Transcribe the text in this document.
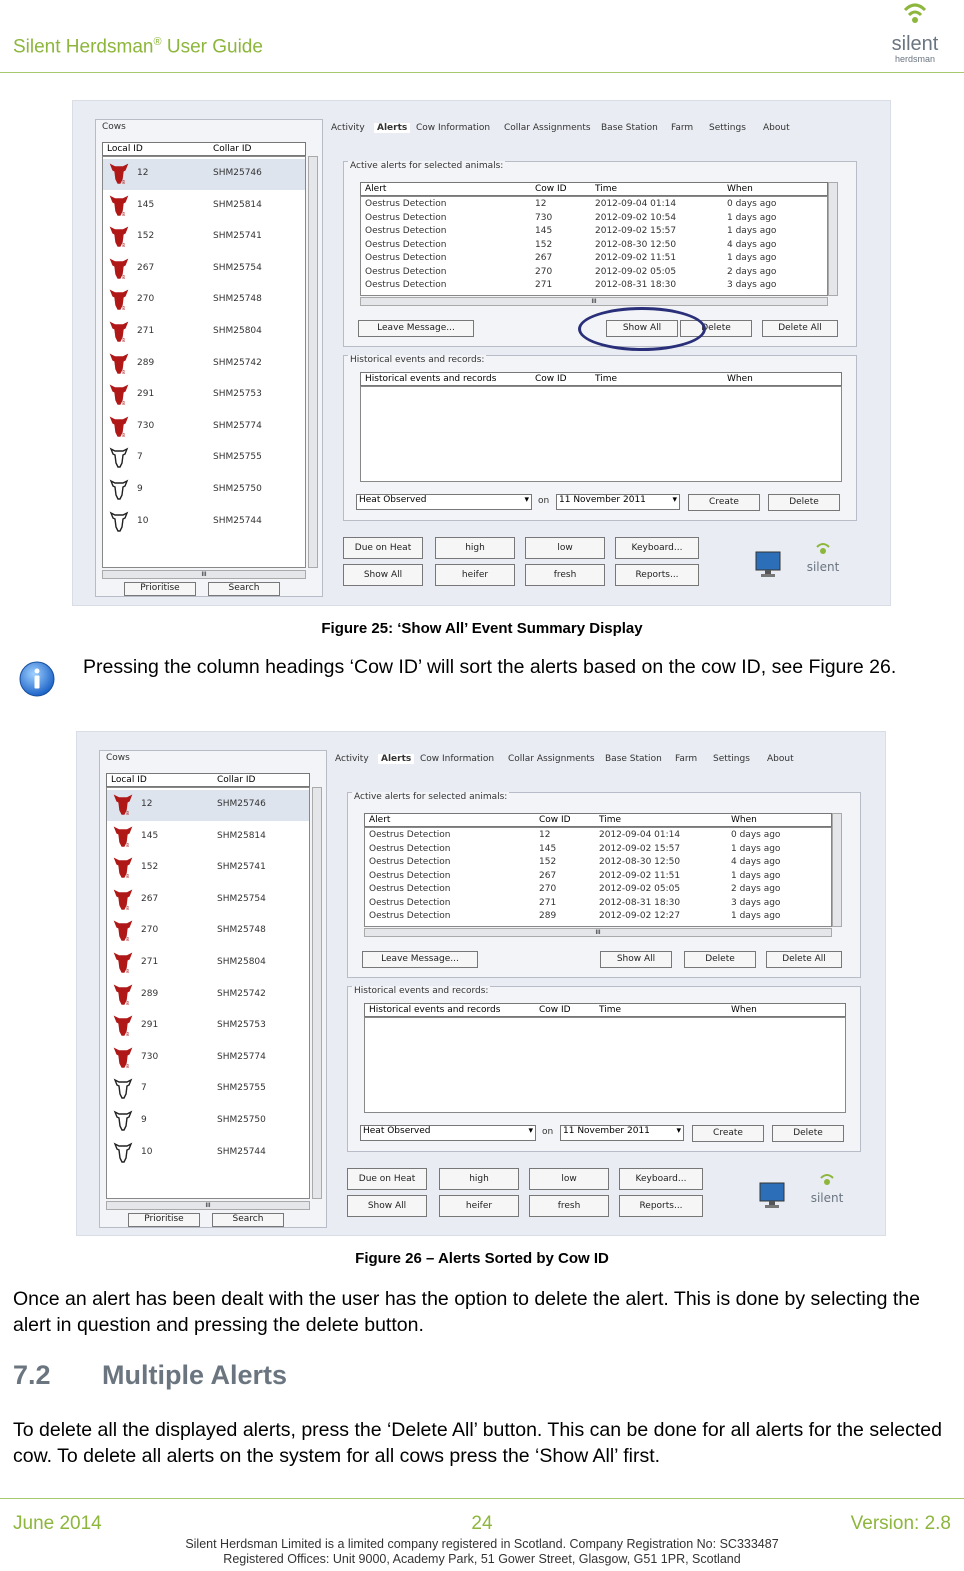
Silent Herdsman® User Guide	silent
herdsman
Cows
Local ID	Collar ID
ʬ
12	SHM25746
ʬ
145	SHM25814
ʬ
152	SHM25741
ʬ
267	SHM25754
ʬ
270	SHM25748
ʬ
271	SHM25804
ʬ
289	SHM25742
ʬ
291	SHM25753
ʬ
730	SHM25774
7	SHM25755
9	SHM25750
10	SHM25744
III
Prioritise	Search
Activity	Alerts Cow Information Collar Assignments Base Station Farm Settings About
Active alerts for selected animals:
Alert	Cow ID	Time	When
Oestrus Detection	12	2012-09-04 01:14	0 days ago
Oestrus Detection	730	2012-09-02 10:54	1 days ago
Oestrus Detection	145	2012-09-02 15:57	1 days ago
Oestrus Detection	152	2012-08-30 12:50	4 days ago
Oestrus Detection	267	2012-09-02 11:51	1 days ago
Oestrus Detection	270	2012-09-02 05:05	2 days ago
Oestrus Detection	271	2012-08-31 18:30	3 days ago
III
Leave Message...	Show All	Delete	Delete All
Historical events and records:
Historical events and records	Cow ID	Time	When
Heat Observed	▾ on	11 November 2011	▾	Create	Delete
Due on Heat	high	low	Keyboard...
Show All	heifer	fresh	Reports...
silent
Figure 25: ‘Show All’ Event Summary Display
Pressing the column headings ‘Cow ID’ will sort the alerts based on the cow ID, see Figure 26.
Cows
Local ID	Collar ID
ʬ
12	SHM25746
ʬ
145	SHM25814
ʬ
152	SHM25741
ʬ
267	SHM25754
ʬ
270	SHM25748
ʬ
271	SHM25804
ʬ
289	SHM25742
ʬ
291	SHM25753
ʬ
730	SHM25774
7	SHM25755
9	SHM25750
10	SHM25744
III
Prioritise	Search
Activity	Alerts Cow Information Collar Assignments Base Station Farm Settings About
Active alerts for selected animals:
Alert	Cow ID	Time	When
Oestrus Detection	12	2012-09-04 01:14	0 days ago
Oestrus Detection	145	2012-09-02 15:57	1 days ago
Oestrus Detection	152	2012-08-30 12:50	4 days ago
Oestrus Detection	267	2012-09-02 11:51	1 days ago
Oestrus Detection	270	2012-09-02 05:05	2 days ago
Oestrus Detection	271	2012-08-31 18:30	3 days ago
Oestrus Detection	289	2012-09-02 12:27	1 days ago
III
Leave Message...	Show All	Delete	Delete All
Historical events and records:
Historical events and records	Cow ID	Time	When
Heat Observed	▾ on	11 November 2011	▾	Create	Delete
Due on Heat	high	low	Keyboard...
Show All	heifer	fresh	Reports...
silent
Figure 26 – Alerts Sorted by Cow ID
Once an alert has been dealt with the user has the option to delete the alert. This is done by selecting the alert in question and pressing the delete button.
7.2 Multiple Alerts
To delete all the displayed alerts, press the ‘Delete All’ button. This can be done for all alerts for the selected cow. To delete all alerts on the system for all cows press the ‘Show All’ first.
June 2014	24	Version: 2.8
Silent Herdsman Limited is a limited company registered in Scotland. Company Registration No: SC333487
Registered Offices: Unit 9000, Academy Park, 51 Gower Street, Glasgow, G51 1PR, Scotland
